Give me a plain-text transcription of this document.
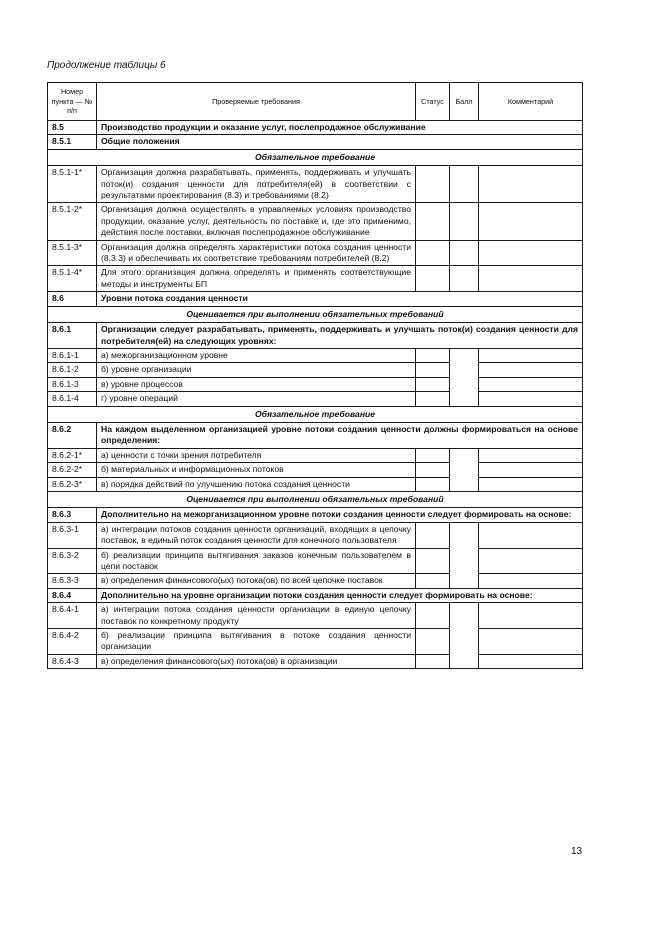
Продолжение таблицы 6
Номер пункта — № п/п	Проверяемые требования	Статус	Балл	Комментарий
8.5	Производство продукции и оказание услуг, послепродажное обслуживание			
8.5.1	Общие положения			
Обязательное требование				
8.5.1-1*	Организация должна разрабатывать, применять, поддерживать и улучшать поток(и) создания ценности для потребителя(ей) в соответствии с результатами проектирования (8.3) и требованиями (8.2)			
8.5.1-2*	Организация должна осуществлять в управляемых условиях производство продукции, оказание услуг, деятельность по поставке и, где это применимо, действия после поставки, включая послепродажное обслуживание			
8.5.1-3*	Организация должна определять характеристики потока создания ценности (8.3.3) и обеспечивать их соответствие требованиям потребителей (8.2)			
8.5.1-4*	Для этого организация должна определять и применять соответствующие методы и инструменты БП			
8.6	Уровни потока создания ценности			
Оценивается при выполнении обязательных требований				
8.6.1	Организации следует разрабатывать, применять, поддерживать и улучшать поток(и) создания ценности для потребителя(ей) на следующих уровнях:			
8.6.1-1	а) межорганизационном уровне			
8.6.1-2	б) уровне организации			
8.6.1-3	в) уровне процессов			
8.6.1-4	г) уровне операций			
Обязательное требование				
8.6.2	На каждом выделенном организацией уровне потоки создания ценности должны формироваться на основе определения:			
8.6.2-1*	а) ценности с точки зрения потребителя			
8.6.2-2*	б) материальных и информационных потоков			
8.6.2-3*	в) порядка действий по улучшению потока создания ценности			
Оценивается при выполнении обязательных требований				
8.6.3	Дополнительно на межорганизационном уровне потоки создания ценности следует формировать на основе:			
8.6.3-1	а) интеграции потоков создания ценности организаций, входящих в цепочку поставок, в единый поток создания ценности для конечного пользователя			
8.6.3-2	б) реализации принципа вытягивания заказов конечным пользователем в цепи поставок			
8.6.3-3	в) определения финансового(ых) потока(ов) по всей цепочке поставок			
8.6.4	Дополнительно на уровне организации потоки создания ценности следует формировать на основе:			
8.6.4-1	а) интеграции потока создания ценности организации в единую цепочку поставок по конкретному продукту			
8.6.4-2	б) реализации принципа вытягивания в потоке создания ценности организации			
8.6.4-3	в) определения финансового(ых) потока(ов) в организации			
13
